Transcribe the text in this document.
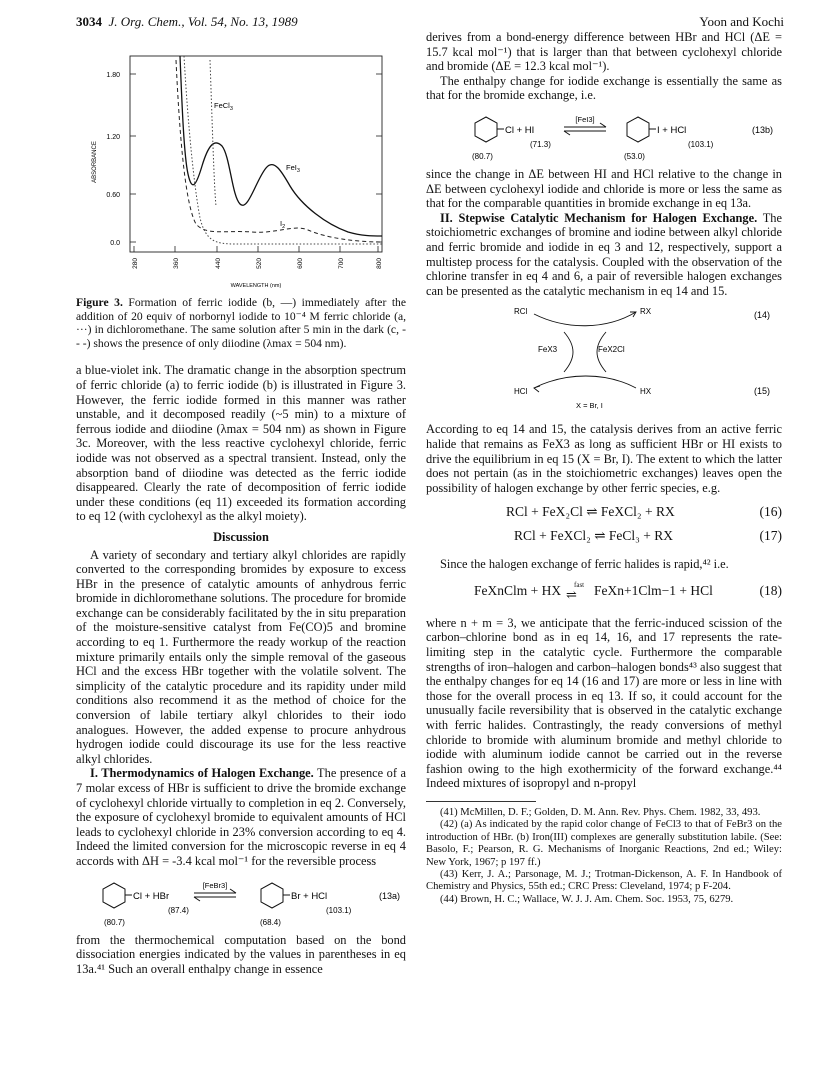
3034 J. Org. Chem., Vol. 54, No. 13, 1989	Yoon and Kochi
1.80
1.20
0.60
0.0
ABSORBANCE
280	360	440	520	600	700	800
WAVELENGTH (nm)
FeCl$_3$
FeI$_3$
$I_2$

Figure 3. Formation of ferric iodide (b, —) immediately after the addition of 20 equiv of norbornyl iodide to 10⁻⁴ M ferric chloride (a, ···) in dichloromethane. The same solution after 5 min in the dark (c, - - -) shows the presence of only diiodine (λmax = 504 nm).

a blue-violet ink. The dramatic change in the absorption spectrum of ferric chloride (a) to ferric iodide (b) is illustrated in Figure 3. However, the ferric iodide formed in this manner was rather unstable, and it decomposed readily (~5 min) to a mixture of ferrous iodide and diiodine (λmax = 504 nm) as shown in Figure 3c. Moreover, with the less reactive cyclohexyl chloride, ferric iodide was not observed as a spectral transient. Instead, only the absorption band of diiodine was detected as the ferric iodide disappeared. Clearly the rate of decomposition of ferric iodide under these conditions (eq 11) exceeded its formation according to eq 12 (with cyclohexyl as the alkyl moiety).

Discussion

A variety of secondary and tertiary alkyl chlorides are rapidly converted to the corresponding bromides by exposure to excess HBr in the presence of catalytic amounts of anhydrous ferric bromide in dichloromethane solutions. The procedure for bromide exchange can be considerably facilitated by the in situ preparation of the moisture-sensitive catalyst from Fe(CO)5 and bromine according to eq 1. Furthermore the ready workup of the reaction mixture primarily entails only the simple removal of the gaseous HCl and the excess HBr together with the volatile solvent. The simplicity of the catalytic procedure and its rapidity under mild conditions also recommend it as the method of choice for the conversion of labile tertiary alkyl chlorides to their iodo analogues. However, the added expense to procure anhydrous hydrogen iodide could discourage its use for the less reactive alkyl chlorides.

I. Thermodynamics of Halogen Exchange. The presence of a 7 molar excess of HBr is sufficient to drive the bromide exchange of cyclohexyl chloride virtually to completion in eq 2. Conversely, the exposure of cyclohexyl bromide to equivalent amounts of HCl leads to cyclohexyl chloride in 23% conversion according to eq 4. Indeed the limited conversion for the microscopic reverse in eq 4 accords with ΔH = -3.4 kcal mol⁻¹ for the reversible process

Cl + HBr
[FeBr3]
Br + HCl	(13a)
(80.7)
(87.4)
(68.4)
(103.1)

from the thermochemical computation based on the bond dissociation energies indicated by the values in parentheses in eq 13a.⁴¹ Such an overall enthalpy change in essence

derives from a bond-energy difference between HBr and HCl (ΔE = 15.7 kcal mol⁻¹) that is larger than that between cyclohexyl chloride and bromide (ΔE = 12.3 kcal mol⁻¹).

The enthalpy change for iodide exchange is essentially the same as that for the bromide exchange, i.e.

Cl + HI
[FeI3]
I + HCl	(13b)
(80.7)
(71.3)
(53.0)
(103.1)

since the change in ΔE between HI and HCl relative to the change in ΔE between cyclohexyl iodide and chloride is more or less the same as that for the comparable quantities in bromide exchange in eq 13a.

II. Stepwise Catalytic Mechanism for Halogen Exchange. The stoichiometric exchanges of bromine and iodine between alkyl chloride and ferric bromide and iodide in eq 3 and 12, respectively, support a multistep process for the catalysis. Coupled with the observation of the chlorine transfer in eq 4 and 6, a pair of reversible halogen exchanges can be presented as the catalytic mechanism in eq 14 and 15.

RCl	RX
FeX3	FeX2Cl
HCl	HX
X = Br, I
(14)
(15)

According to eq 14 and 15, the catalysis derives from an active ferric halide that remains as FeX3 as long as sufficient HBr or HI exists to drive the equilibrium in eq 15 (X = Br, I). The extent to which the latter does not pertain (as in the stoichiometric exchanges) leaves open the possibility of halogen exchange by other ferric species, e.g.

RCl + FeX₂Cl ⇌ FeXCl₂ + RX	(16)
RCl + FeXCl₂ ⇌ FeCl₃ + RX	(17)

Since the halogen exchange of ferric halides is rapid,⁴² i.e.

FeXnClm + HX fast
⇌ FeXn+1Clm−1 + HCl	(18)

where n + m = 3, we anticipate that the ferric-induced scission of the carbon–chlorine bond as in eq 14, 16, and 17 represents the rate-limiting step in the catalytic cycle. Furthermore the comparable strengths of iron–halogen and carbon–halogen bonds⁴³ also suggest that the enthalpy changes for eq 14 (16 and 17) are more or less in line with those for the overall process in eq 13. If so, it could account for the unusually facile reversibility that is observed in the catalytic exchange with ferric halides. Contrastingly, the ready conversions of methyl chloride to bromide with aluminum bromide and methyl chloride to iodide with aluminum iodide cannot be carried out in the reverse fashion owing to the high exothermicity of the forward exchange.⁴⁴ Indeed mixtures of isopropyl and n-propyl

(41) McMillen, D. F.; Golden, D. M. Ann. Rev. Phys. Chem. 1982, 33, 493.

(42) (a) As indicated by the rapid color change of FeCl3 to that of FeBr3 on the introduction of HBr. (b) Iron(III) complexes are generally substitution labile. (See: Basolo, F.; Pearson, R. G. Mechanisms of Inorganic Reactions, 2nd ed.; Wiley: New York, 1967; p 197 ff.)

(43) Kerr, J. A.; Parsonage, M. J.; Trotman-Dickenson, A. F. In Handbook of Chemistry and Physics, 55th ed.; CRC Press: Cleveland, 1974; p F-204.

(44) Brown, H. C.; Wallace, W. J. J. Am. Chem. Soc. 1953, 75, 6279.
